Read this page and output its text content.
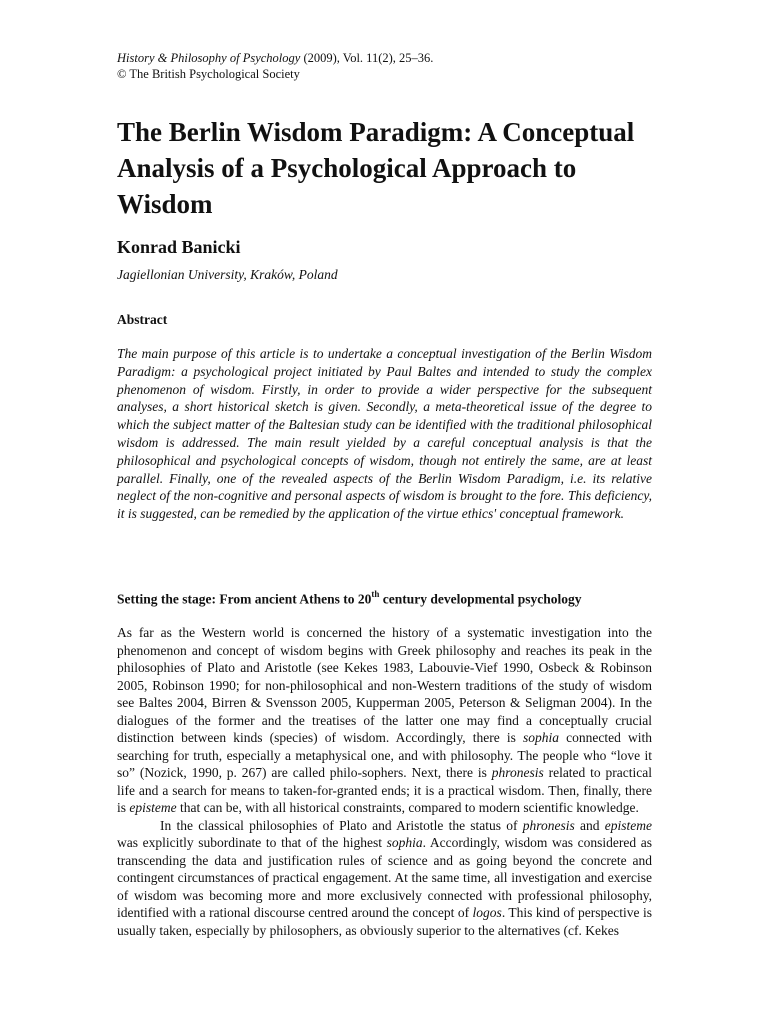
History & Philosophy of Psychology (2009), Vol. 11(2), 25–36.
© The British Psychological Society
The Berlin Wisdom Paradigm: A Conceptual Analysis of a Psychological Approach to Wisdom
Konrad Banicki
Jagiellonian University, Kraków, Poland
Abstract

The main purpose of this article is to undertake a conceptual investigation of the Berlin Wisdom Paradigm: a psychological project initiated by Paul Baltes and intended to study the complex phenomenon of wisdom. Firstly, in order to provide a wider perspective for the subsequent analyses, a short historical sketch is given. Secondly, a meta-theoretical issue of the degree to which the subject matter of the Baltesian study can be identified with the traditional philosophical wisdom is addressed. The main result yielded by a careful conceptual analysis is that the philosophical and psychological concepts of wisdom, though not entirely the same, are at least parallel. Finally, one of the revealed aspects of the Berlin Wisdom Paradigm, i.e. its relative neglect of the non-cognitive and personal aspects of wisdom is brought to the fore. This deficiency, it is suggested, can be remedied by the application of the virtue ethics' conceptual framework.

Setting the stage: From ancient Athens to 20th century developmental psychology

As far as the Western world is concerned the history of a systematic investigation into the phenomenon and concept of wisdom begins with Greek philosophy and reaches its peak in the philosophies of Plato and Aristotle (see Kekes 1983, Labouvie-Vief 1990, Osbeck & Robinson 2005, Robinson 1990; for non-philosophical and non-Western traditions of the study of wisdom see Baltes 2004, Birren & Svensson 2005, Kupperman 2005, Peterson & Seligman 2004). In the dialogues of the former and the treatises of the latter one may find a conceptually crucial distinction between kinds (species) of wisdom. Accordingly, there is sophia connected with searching for truth, especially a metaphysical one, and with philosophy. The people who “love it so” (Nozick, 1990, p. 267) are called philo-sophers. Next, there is phronesis related to practical life and a search for means to taken-for-granted ends; it is a practical wisdom. Then, finally, there is episteme that can be, with all historical constraints, compared to modern scientific knowledge.

In the classical philosophies of Plato and Aristotle the status of phronesis and episteme was explicitly subordinate to that of the highest sophia. Accordingly, wisdom was considered as transcending the data and justification rules of science and as going beyond the concrete and contingent circumstances of practical engagement. At the same time, all investigation and exercise of wisdom was becoming more and more exclusively connected with professional philosophy, identified with a rational discourse centred around the concept of logos. This kind of perspective is usually taken, especially by philosophers, as obviously superior to the alternatives (cf. Kekes
